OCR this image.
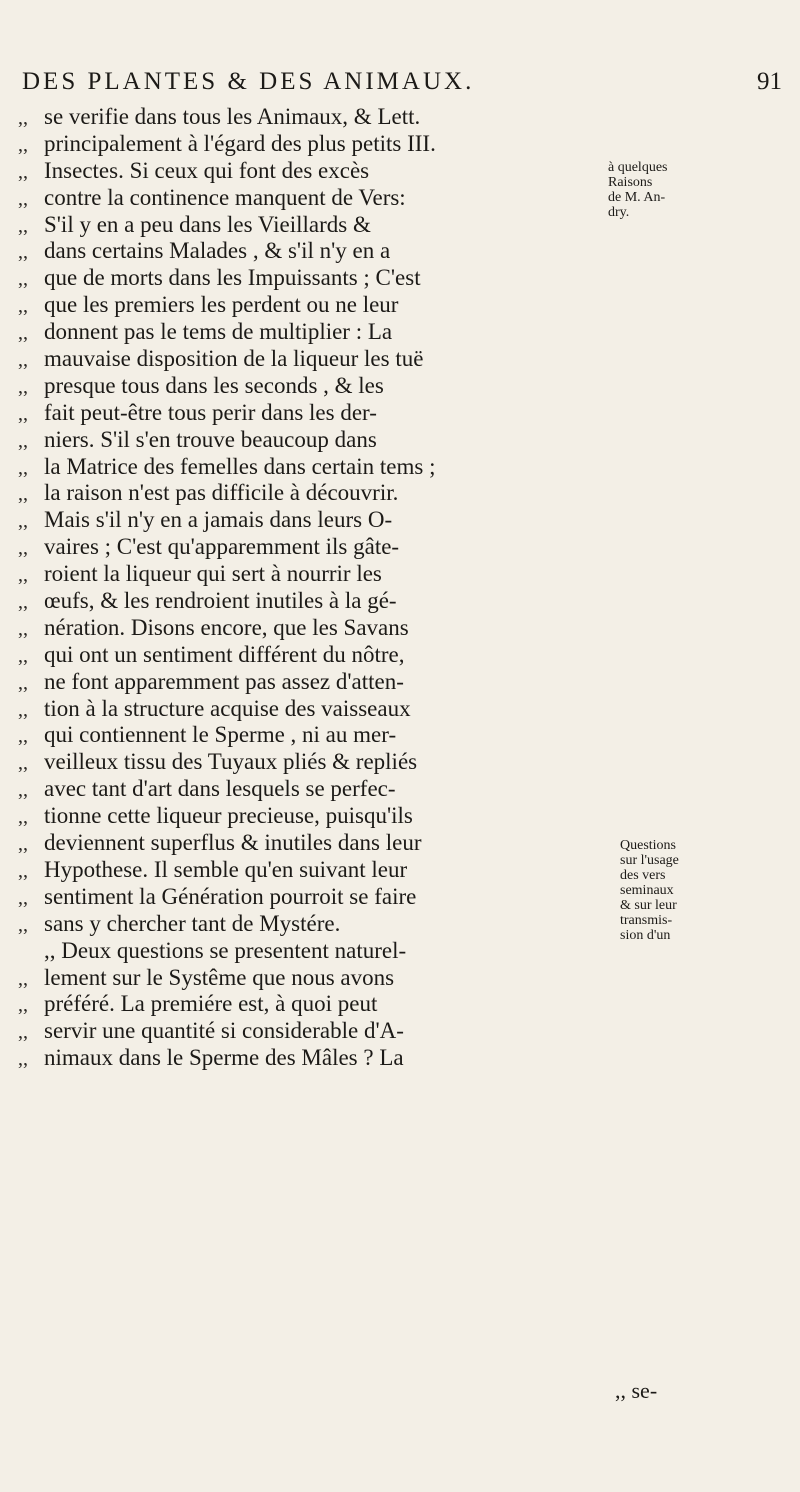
DES PLANTES & DES ANIMAUX.	91
,, se verifie dans tous les Animaux, & Lett.
,, principalement à l'égard des plus petits III.
,, Insectes. Si ceux qui font des excès
,, contre la continence manquent de Vers:
,, S'il y en a peu dans les Vieillards &
,, dans certains Malades , & s'il n'y en a
,, que de morts dans les Impuissants ; C'est
,, que les premiers les perdent ou ne leur
,, donnent pas le tems de multiplier : La
,, mauvaise disposition de la liqueur les tuë
,, presque tous dans les seconds , & les
,, fait peut-être tous perir dans les der-
,, niers. S'il s'en trouve beaucoup dans
,, la Matrice des femelles dans certain tems ;
,, la raison n'est pas difficile à découvrir.
,, Mais s'il n'y en a jamais dans leurs O-
,, vaires ; C'est qu'apparemment ils gâte-
,, roient la liqueur qui sert à nourrir les
,, œufs, & les rendroient inutiles à la gé-
,, nération. Disons encore, que les Savans
,, qui ont un sentiment différent du nôtre,
,, ne font apparemment pas assez d'atten-
,, tion à la structure acquise des vaisseaux
,, qui contiennent le Sperme , ni au mer-
,, veilleux tissu des Tuyaux pliés & repliés
,, avec tant d'art dans lesquels se perfec-
,, tionne cette liqueur precieuse, puisqu'ils
,, deviennent superflus & inutiles dans leur
,, Hypothese. Il semble qu'en suivant leur
,, sentiment la Génération pourroit se faire
,, sans y chercher tant de Mystére.
,, Deux questions se presentent naturel-
,, lement sur le Systême que nous avons
,, préféré. La premiére est, à quoi peut
,, servir une quantité si considerable d'A-
,, nimaux dans le Sperme des Mâles ? La
à quelques
Raisons
de M. An-
dry.
Questions
sur l'usage
des vers
seminaux
& sur leur
transmis-
sion d'un
,, se-
